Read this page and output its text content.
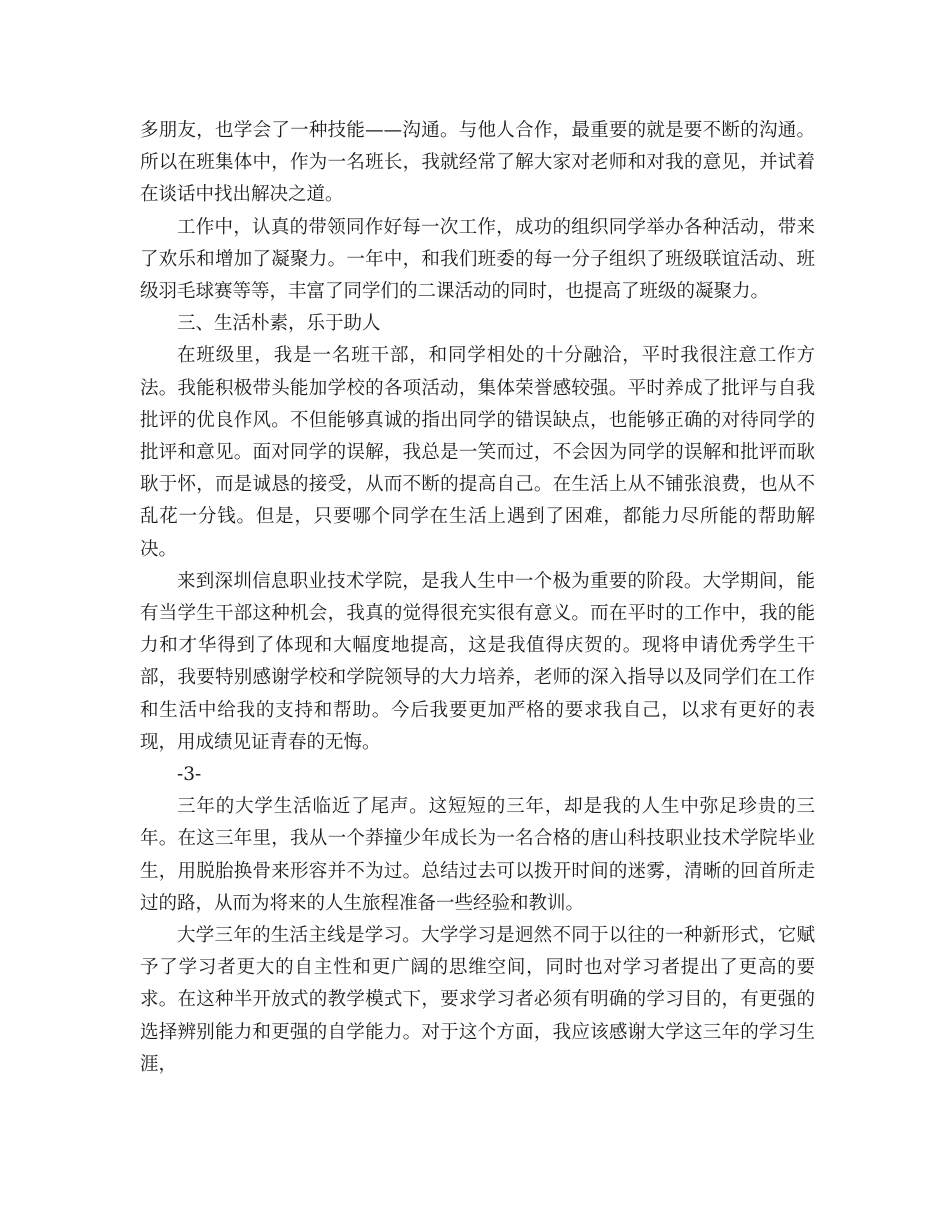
多朋友，也学会了一种技能——沟通。与他人合作，最重要的就是要不断的沟通。所以在班集体中，作为一名班长，我就经常了解大家对老师和对我的意见，并试着在谈话中找出解决之道。

工作中，认真的带领同作好每一次工作，成功的组织同学举办各种活动，带来了欢乐和增加了凝聚力。一年中，和我们班委的每一分子组织了班级联谊活动、班级羽毛球赛等等，丰富了同学们的二课活动的同时，也提高了班级的凝聚力。

三、生活朴素，乐于助人

在班级里，我是一名班干部，和同学相处的十分融洽，平时我很注意工作方法。我能积极带头能加学校的各项活动，集体荣誉感较强。平时养成了批评与自我批评的优良作风。不但能够真诚的指出同学的错误缺点，也能够正确的对待同学的批评和意见。面对同学的误解，我总是一笑而过，不会因为同学的误解和批评而耿耿于怀，而是诚恳的接受，从而不断的提高自己。在生活上从不铺张浪费，也从不乱花一分钱。但是，只要哪个同学在生活上遇到了困难，都能力尽所能的帮助解决。

来到深圳信息职业技术学院，是我人生中一个极为重要的阶段。大学期间，能有当学生干部这种机会，我真的觉得很充实很有意义。而在平时的工作中，我的能力和才华得到了体现和大幅度地提高，这是我值得庆贺的。现将申请优秀学生干部，我要特别感谢学校和学院领导的大力培养，老师的深入指导以及同学们在工作和生活中给我的支持和帮助。今后我要更加严格的要求我自己，以求有更好的表现，用成绩见证青春的无悔。

-3-

三年的大学生活临近了尾声。这短短的三年，却是我的人生中弥足珍贵的三年。在这三年里，我从一个莽撞少年成长为一名合格的唐山科技职业技术学院毕业生，用脱胎换骨来形容并不为过。总结过去可以拨开时间的迷雾，清晰的回首所走过的路，从而为将来的人生旅程准备一些经验和教训。

大学三年的生活主线是学习。大学学习是迥然不同于以往的一种新形式，它赋予了学习者更大的自主性和更广阔的思维空间，同时也对学习者提出了更高的要求。在这种半开放式的教学模式下，要求学习者必须有明确的学习目的，有更强的选择辨别能力和更强的自学能力。对于这个方面，我应该感谢大学这三年的学习生涯，
